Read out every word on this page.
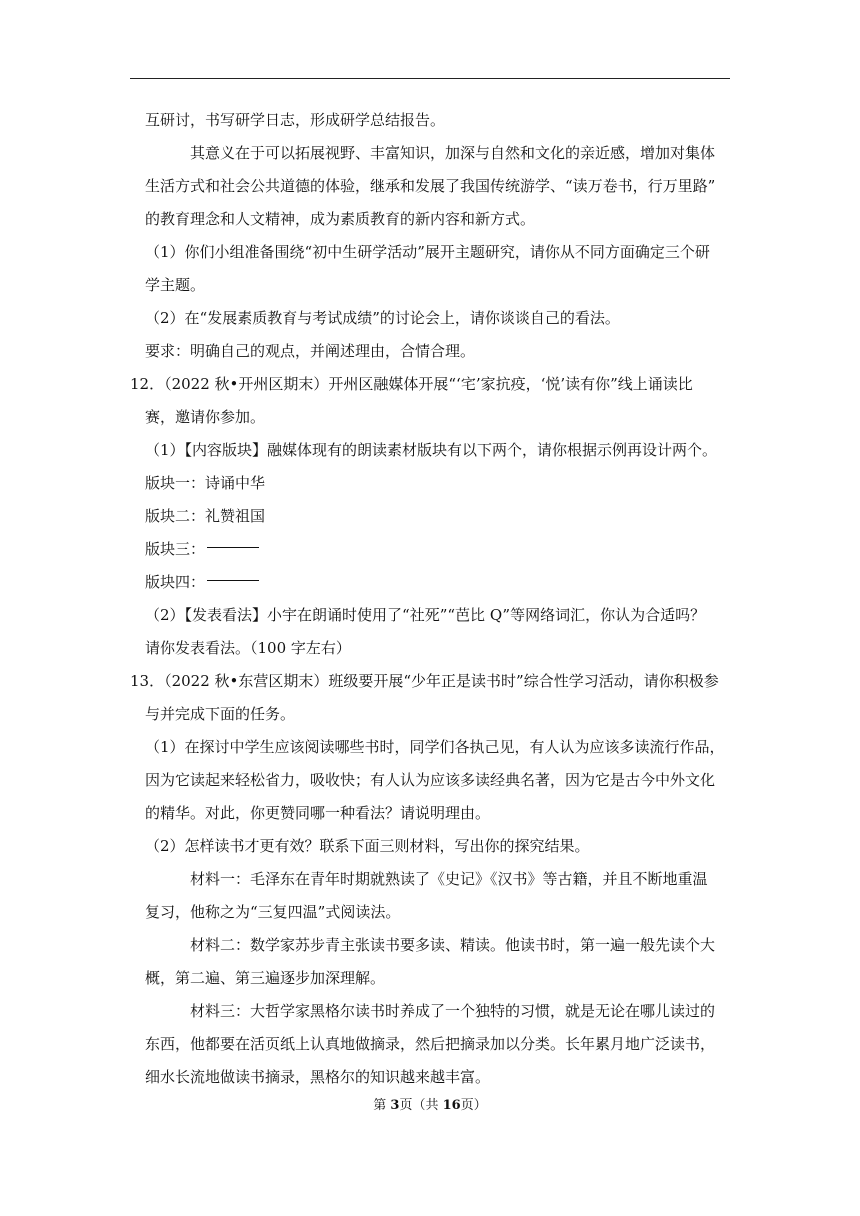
互研讨，书写研学日志，形成研学总结报告。
其意义在于可以拓展视野、丰富知识，加深与自然和文化的亲近感，增加对集体
生活方式和社会公共道德的体验，继承和发展了我国传统游学、“读万卷书，行万里路”
的教育理念和人文精神，成为素质教育的新内容和新方式。
（1）你们小组准备围绕“初中生研学活动”展开主题研究，请你从不同方面确定三个研
学主题。
（2）在“发展素质教育与考试成绩”的讨论会上，请你谈谈自己的看法。
要求：明确自己的观点，并阐述理由，合情合理。
12．（2022 秋•开州区期末）开州区融媒体开展“‘宅’家抗疫，‘悦’读有你”线上诵读比
赛，邀请你参加。
（1）【内容版块】融媒体现有的朗读素材版块有以下两个，请你根据示例再设计两个。
版块一：诗诵中华
版块二：礼赞祖国
版块三：
版块四：
（2）【发表看法】小宇在朗诵时使用了“社死”“芭比 Q”等网络词汇，你认为合适吗？
请你发表看法。（100 字左右）
13．（2022 秋•东营区期末）班级要开展“少年正是读书时”综合性学习活动，请你积极参
与并完成下面的任务。
（1）在探讨中学生应该阅读哪些书时，同学们各执己见，有人认为应该多读流行作品，
因为它读起来轻松省力，吸收快；有人认为应该多读经典名著，因为它是古今中外文化
的精华。对此，你更赞同哪一种看法？请说明理由。
（2）怎样读书才更有效？联系下面三则材料，写出你的探究结果。
材料一：毛泽东在青年时期就熟读了《史记》《汉书》等古籍，并且不断地重温
复习，他称之为“三复四温”式阅读法。
材料二：数学家苏步青主张读书要多读、精读。他读书时，第一遍一般先读个大
概，第二遍、第三遍逐步加深理解。
材料三：大哲学家黑格尔读书时养成了一个独特的习惯，就是无论在哪儿读过的
东西，他都要在活页纸上认真地做摘录，然后把摘录加以分类。长年累月地广泛读书，
细水长流地做读书摘录，黑格尔的知识越来越丰富。
第 3页（共 16页）
